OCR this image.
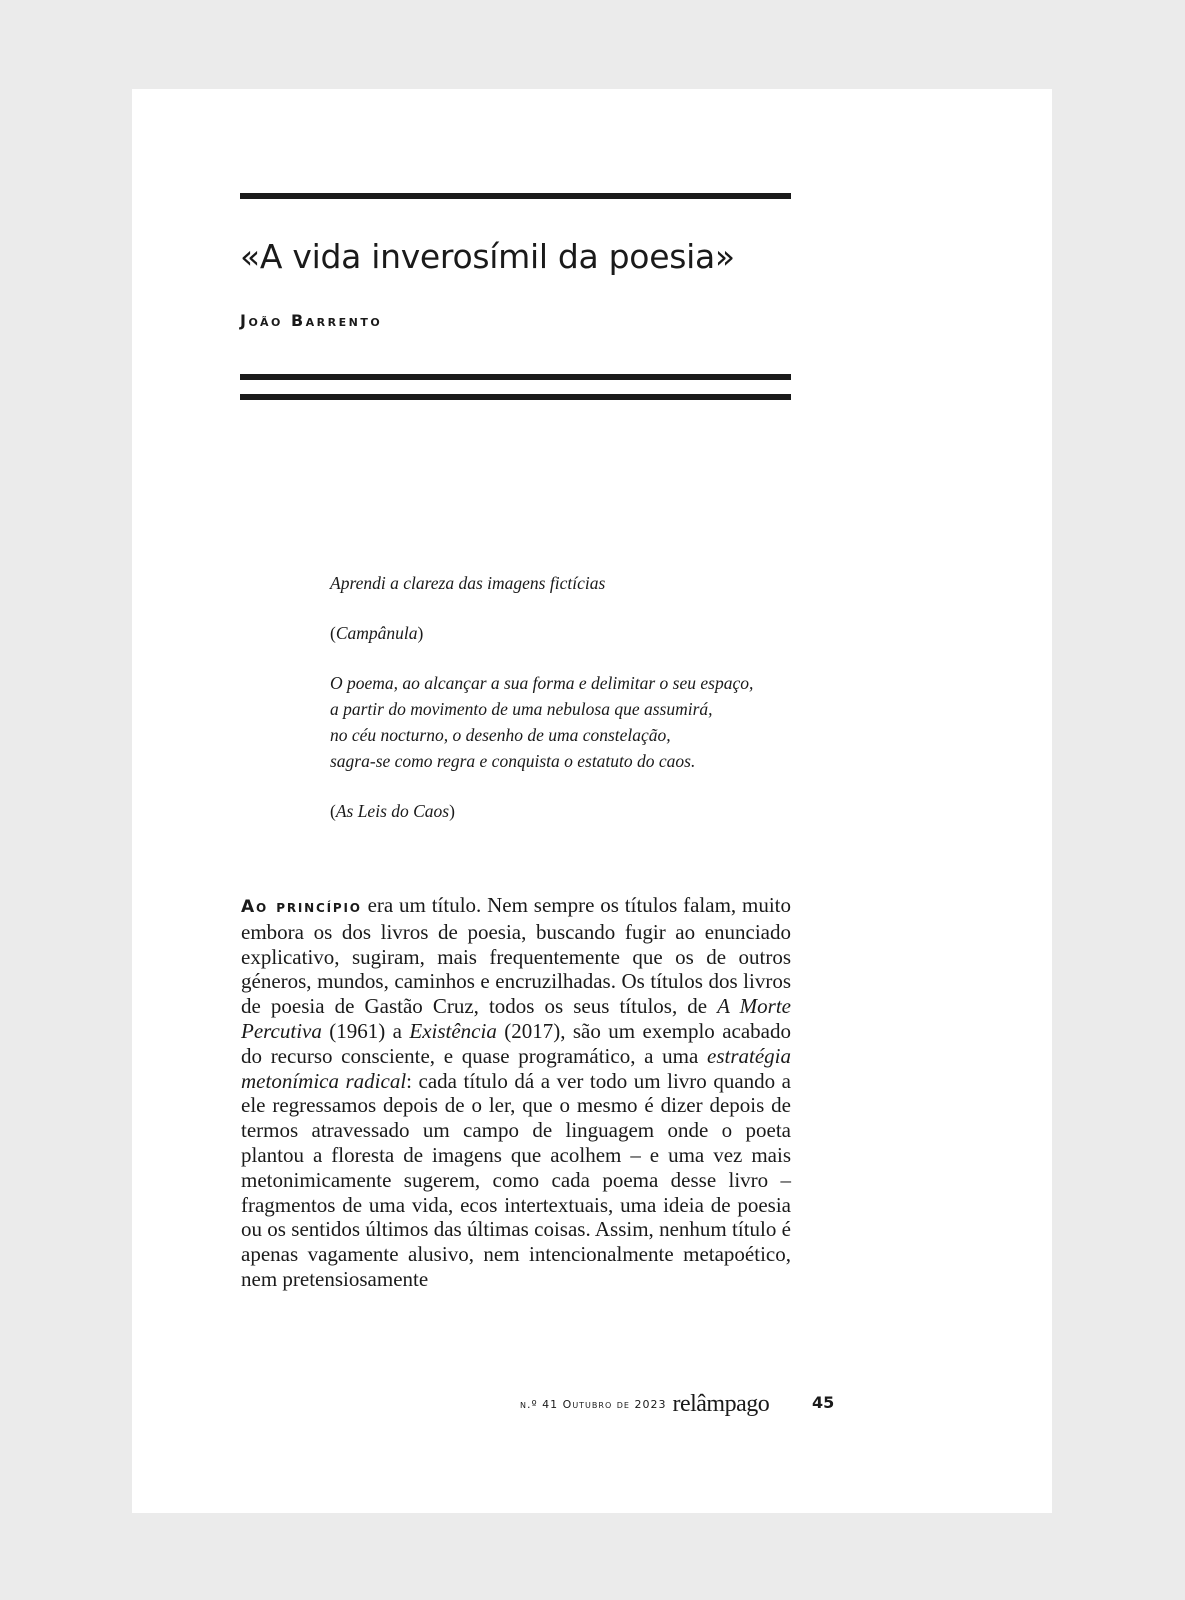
«A vida inverosímil da poesia»
João Barrento

Aprendi a clareza das imagens fictícias

(Campânula)

O poema, ao alcançar a sua forma e delimitar o seu espaço,

a partir do movimento de uma nebulosa que assumirá,

no céu nocturno, o desenho de uma constelação,

sagra-se como regra e conquista o estatuto do caos.

(As Leis do Caos)

Ao princípio era um título. Nem sempre os títulos falam, muito embora os dos livros de poesia, buscando fugir ao enunciado explicativo, sugiram, mais frequentemente que os de outros géneros, mundos, caminhos e encruzilhadas. Os títulos dos livros de poesia de Gastão Cruz, todos os seus títulos, de A Morte Percutiva (1961) a Existência (2017), são um exemplo acabado do recurso consciente, e quase programático, a uma estratégia metonímica radical: cada título dá a ver todo um livro quando a ele regressamos depois de o ler, que o mesmo é dizer depois de termos atravessado um campo de linguagem onde o poeta plantou a floresta de imagens que acolhem – e uma vez mais metonimicamente sugerem, como cada poema desse livro – fragmentos de uma vida, ecos intertextuais, uma ideia de poesia ou os sentidos últimos das últimas coisas. Assim, nenhum título é apenas vagamente alusivo, nem intencionalmente metapoético, nem pretensiosamente

n.º 41 Outubro de 2023 relâmpago	45
